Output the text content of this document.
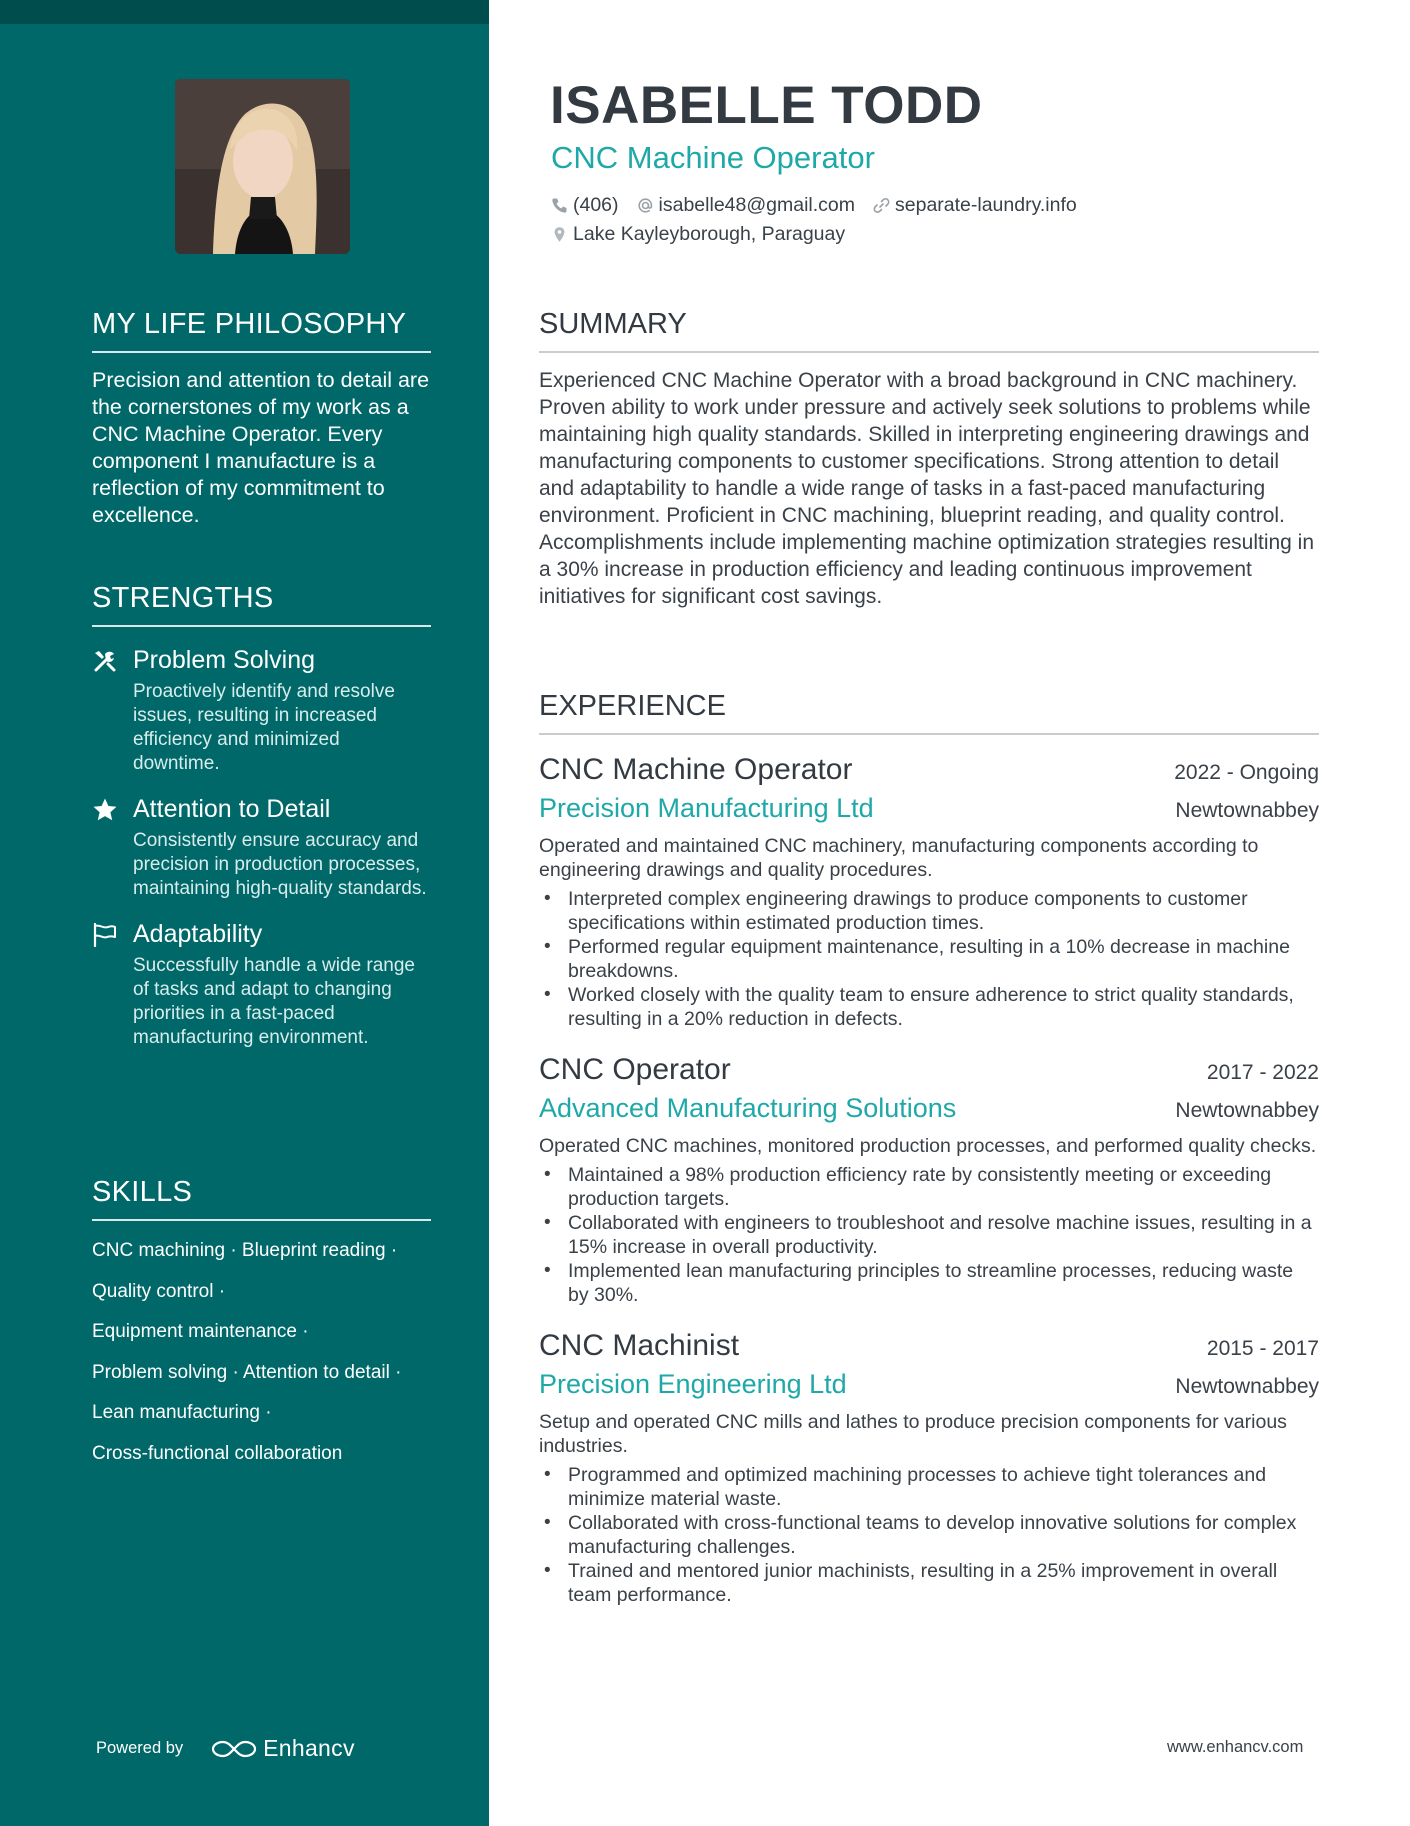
MY LIFE PHILOSOPHY

Precision and attention to detail are the cornerstones of my work as a CNC Machine Operator. Every component I manufacture is a reflection of my commitment to excellence.

STRENGTHS
Problem Solving
Proactively identify and resolve issues, resulting in increased efficiency and minimized downtime.
Attention to Detail
Consistently ensure accuracy and precision in production processes, maintaining high-quality standards.
Adaptability
Successfully handle a wide range of tasks and adapt to changing priorities in a fast-paced manufacturing environment.
SKILLS
CNC machining · Blueprint reading ·
Quality control ·
Equipment maintenance ·
Problem solving · Attention to detail ·
Lean manufacturing ·
Cross-functional collaboration
Powered by	Enhancv
ISABELLE TODD
CNC Machine Operator
(406) isabelle48@gmail.com separate-laundry.info
Lake Kayleyborough, Paraguay
SUMMARY

Experienced CNC Machine Operator with a broad background in CNC machinery. Proven ability to work under pressure and actively seek solutions to problems while maintaining high quality standards. Skilled in interpreting engineering drawings and manufacturing components to customer specifications. Strong attention to detail and adaptability to handle a wide range of tasks in a fast-paced manufacturing environment. Proficient in CNC machining, blueprint reading, and quality control. Accomplishments include implementing machine optimization strategies resulting in a 30% increase in production efficiency and leading continuous improvement initiatives for significant cost savings.

EXPERIENCE
CNC Machine Operator	2022 - Ongoing
Precision Manufacturing Ltd	Newtownabbey

Operated and maintained CNC machinery, manufacturing components according to engineering drawings and quality procedures.

• Interpreted complex engineering drawings to produce components to customer specifications within estimated production times.
• Performed regular equipment maintenance, resulting in a 10% decrease in machine breakdowns.
• Worked closely with the quality team to ensure adherence to strict quality standards, resulting in a 20% reduction in defects.
CNC Operator	2017 - 2022
Advanced Manufacturing Solutions	Newtownabbey

Operated CNC machines, monitored production processes, and performed quality checks.

• Maintained a 98% production efficiency rate by consistently meeting or exceeding production targets.
• Collaborated with engineers to troubleshoot and resolve machine issues, resulting in a 15% increase in overall productivity.
• Implemented lean manufacturing principles to streamline processes, reducing waste by 30%.
CNC Machinist	2015 - 2017
Precision Engineering Ltd	Newtownabbey

Setup and operated CNC mills and lathes to produce precision components for various industries.

• Programmed and optimized machining processes to achieve tight tolerances and minimize material waste.
• Collaborated with cross-functional teams to develop innovative solutions for complex manufacturing challenges.
• Trained and mentored junior machinists, resulting in a 25% improvement in overall team performance.
www.enhancv.com
